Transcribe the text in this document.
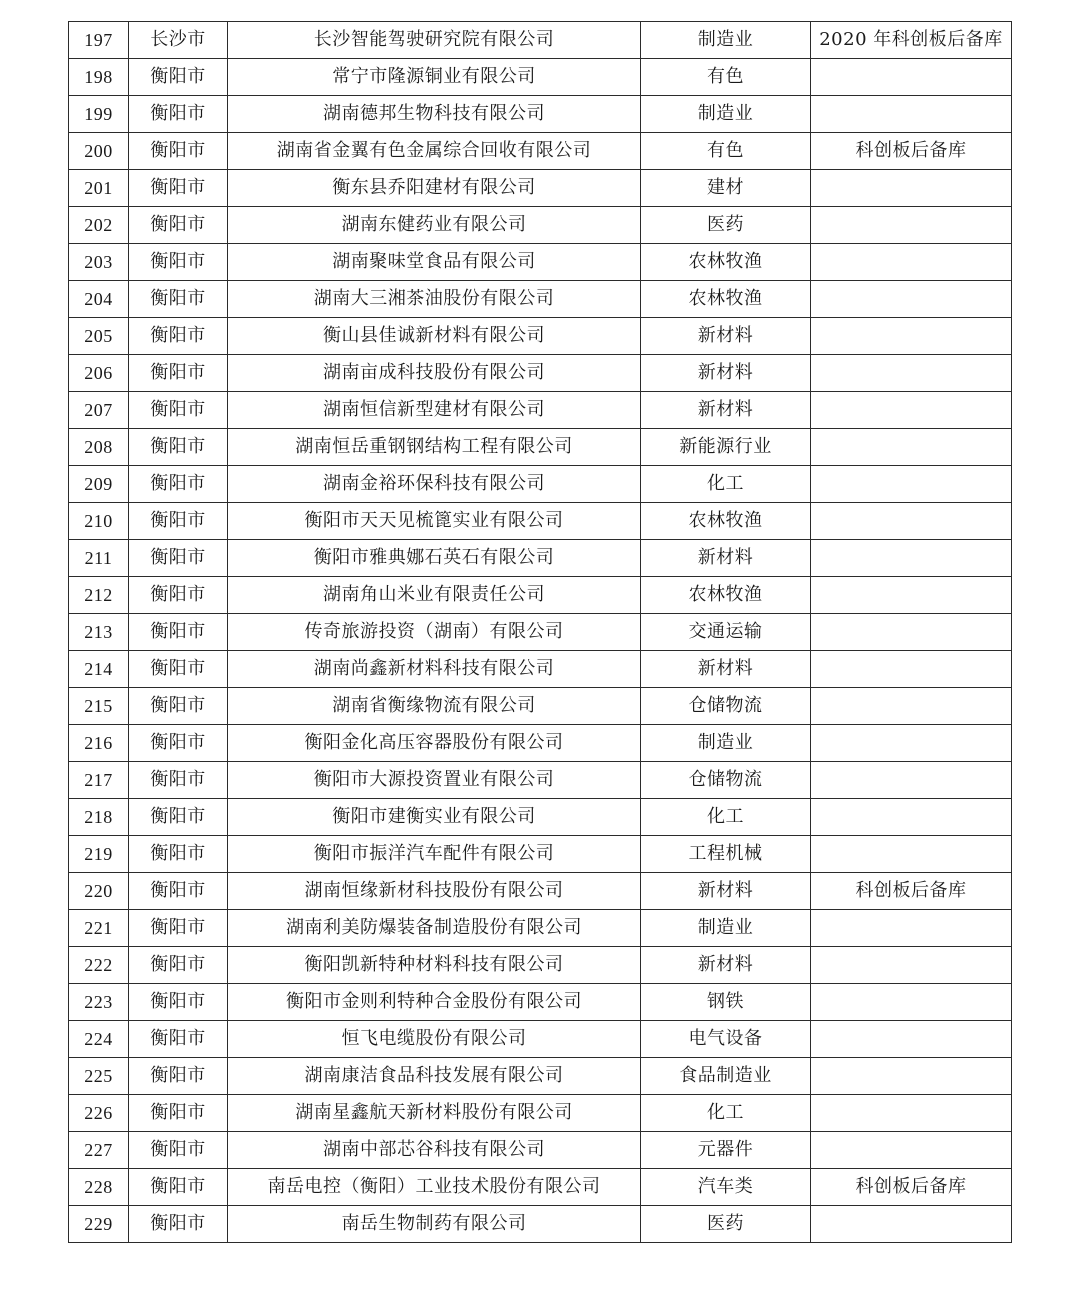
197	长沙市	长沙智能驾驶研究院有限公司	制造业	2020 年科创板后备库
198	衡阳市	常宁市隆源铜业有限公司	有色	
199	衡阳市	湖南德邦生物科技有限公司	制造业	
200	衡阳市	湖南省金翼有色金属综合回收有限公司	有色	科创板后备库
201	衡阳市	衡东县乔阳建材有限公司	建材	
202	衡阳市	湖南东健药业有限公司	医药	
203	衡阳市	湖南聚味堂食品有限公司	农林牧渔	
204	衡阳市	湖南大三湘茶油股份有限公司	农林牧渔	
205	衡阳市	衡山县佳诚新材料有限公司	新材料	
206	衡阳市	湖南亩成科技股份有限公司	新材料	
207	衡阳市	湖南恒信新型建材有限公司	新材料	
208	衡阳市	湖南恒岳重钢钢结构工程有限公司	新能源行业	
209	衡阳市	湖南金裕环保科技有限公司	化工	
210	衡阳市	衡阳市天天见梳篦实业有限公司	农林牧渔	
211	衡阳市	衡阳市雅典娜石英石有限公司	新材料	
212	衡阳市	湖南角山米业有限责任公司	农林牧渔	
213	衡阳市	传奇旅游投资（湖南）有限公司	交通运输	
214	衡阳市	湖南尚鑫新材料科技有限公司	新材料	
215	衡阳市	湖南省衡缘物流有限公司	仓储物流	
216	衡阳市	衡阳金化高压容器股份有限公司	制造业	
217	衡阳市	衡阳市大源投资置业有限公司	仓储物流	
218	衡阳市	衡阳市建衡实业有限公司	化工	
219	衡阳市	衡阳市振洋汽车配件有限公司	工程机械	
220	衡阳市	湖南恒缘新材科技股份有限公司	新材料	科创板后备库
221	衡阳市	湖南利美防爆装备制造股份有限公司	制造业	
222	衡阳市	衡阳凯新特种材料科技有限公司	新材料	
223	衡阳市	衡阳市金则利特种合金股份有限公司	钢铁	
224	衡阳市	恒飞电缆股份有限公司	电气设备	
225	衡阳市	湖南康洁食品科技发展有限公司	食品制造业	
226	衡阳市	湖南星鑫航天新材料股份有限公司	化工	
227	衡阳市	湖南中部芯谷科技有限公司	元器件	
228	衡阳市	南岳电控（衡阳）工业技术股份有限公司	汽车类	科创板后备库
229	衡阳市	南岳生物制药有限公司	医药	
